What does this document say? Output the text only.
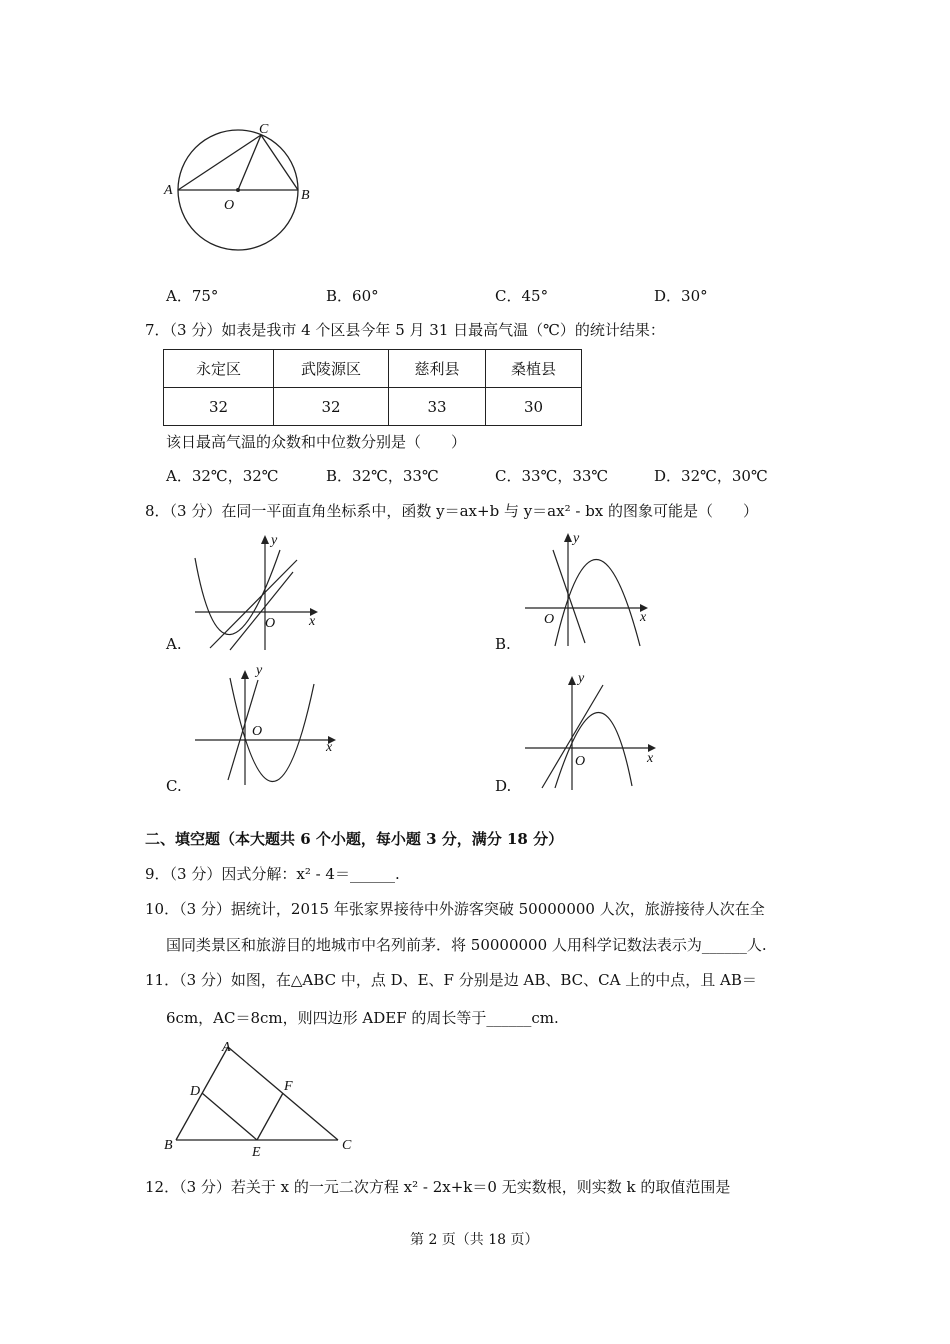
C
A	B
O
A．75°	B．60°	C．45°	D．30°
7．（3 分）如表是我市 4 个区县今年 5 月 31 日最高气温（℃）的统计结果：
永定区	武陵源区	慈利县	桑植县
32	32	33	30
该日最高气温的众数和中位数分别是（　　）
A．32℃，32℃	B．32℃，33℃	C．33℃，33℃	D．32℃，30℃
8．（3 分）在同一平面直角坐标系中，函数 y＝ax+b 与 y＝ax² - bx 的图象可能是（　　）
y
x
O
A.
y
x
O
B.
y
x
O
C.
y
x
O
D.
二、填空题（本大题共 6 个小题，每小题 3 分，满分 18 分）
9．（3 分）因式分解：x² - 4＝______.
10．（3 分）据统计，2015 年张家界接待中外游客突破 50000000 人次，旅游接待人次在全
国同类景区和旅游目的地城市中名列前茅．将 50000000 人用科学记数法表示为______人.
11．（3 分）如图，在△ABC 中，点 D、E、F 分别是边 AB、BC、CA 上的中点，且 AB＝
6cm，AC＝8cm，则四边形 ADEF 的周长等于______cm.
A
D	F
B	E	C
12．（3 分）若关于 x 的一元二次方程 x² - 2x+k＝0 无实数根，则实数 k 的取值范围是
第 2 页（共 18 页）
